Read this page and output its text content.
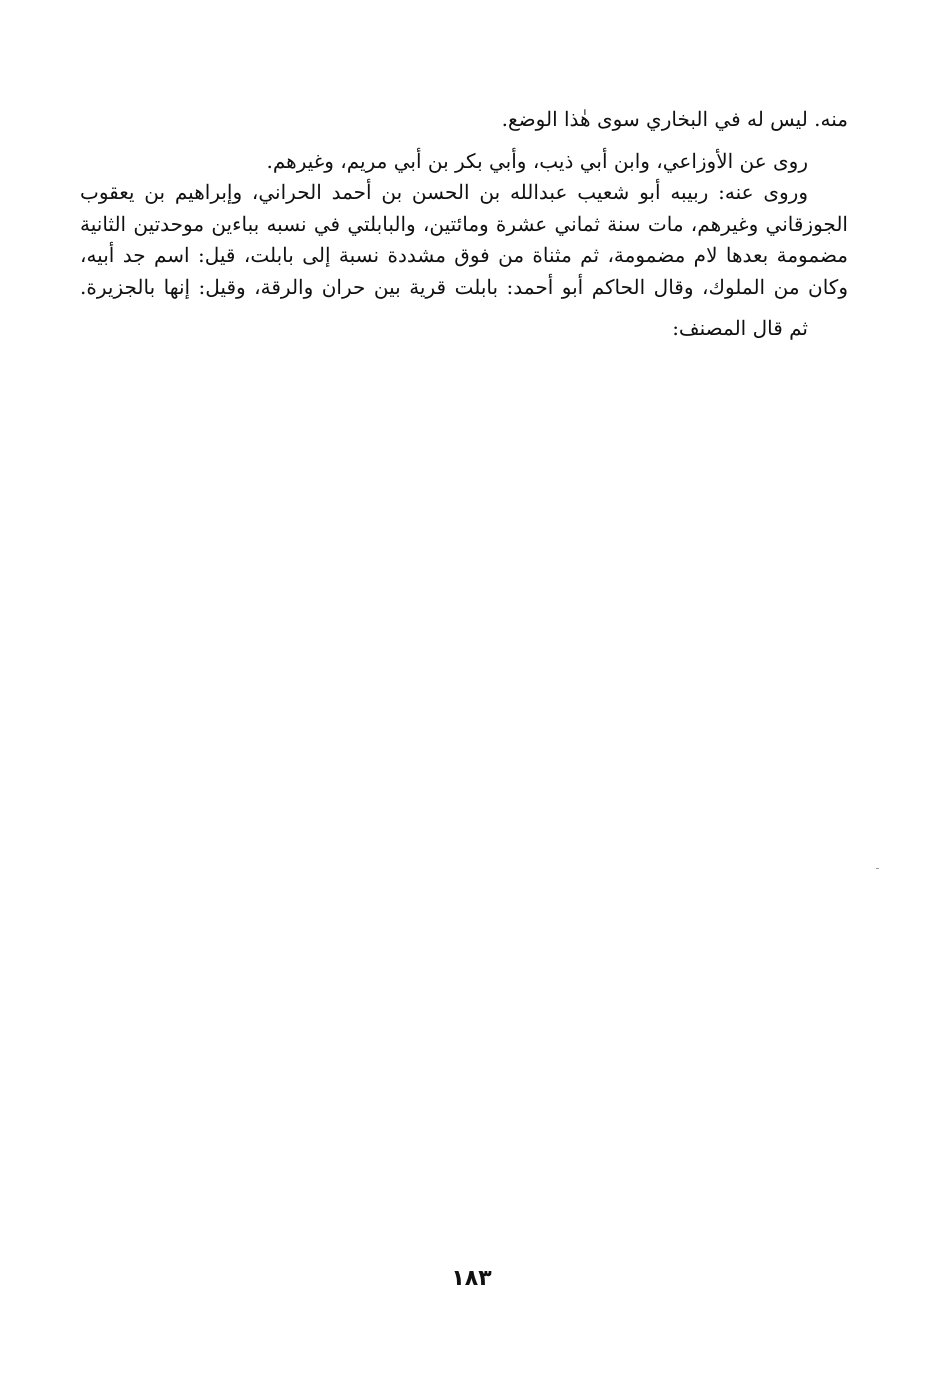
منه. ليس له في البخاري سوى هٰذا الوضع.

روى عن الأوزاعي، وابن أبي ذيب، وأبي بكر بن أبي مريم، وغيرهم.

وروى عنه: ربيبه أبو شعيب عبدالله بن الحسن بن أحمد الحراني، وإبراهيم بن يعقوب

الجوزقاني وغيرهم، مات سنة ثماني عشرة ومائتين، والبابلتي في نسبه بباءين موحدتين الثانية

مضمومة بعدها لام مضمومة، ثم مثناة من فوق مشددة نسبة إلى بابلت، قيل: اسم جد أبيه،

وكان من الملوك، وقال الحاكم أبو أحمد: بابلت قرية بين حران والرقة، وقيل: إنها بالجزيرة.

ثم قال المصنف:

١٨٣
